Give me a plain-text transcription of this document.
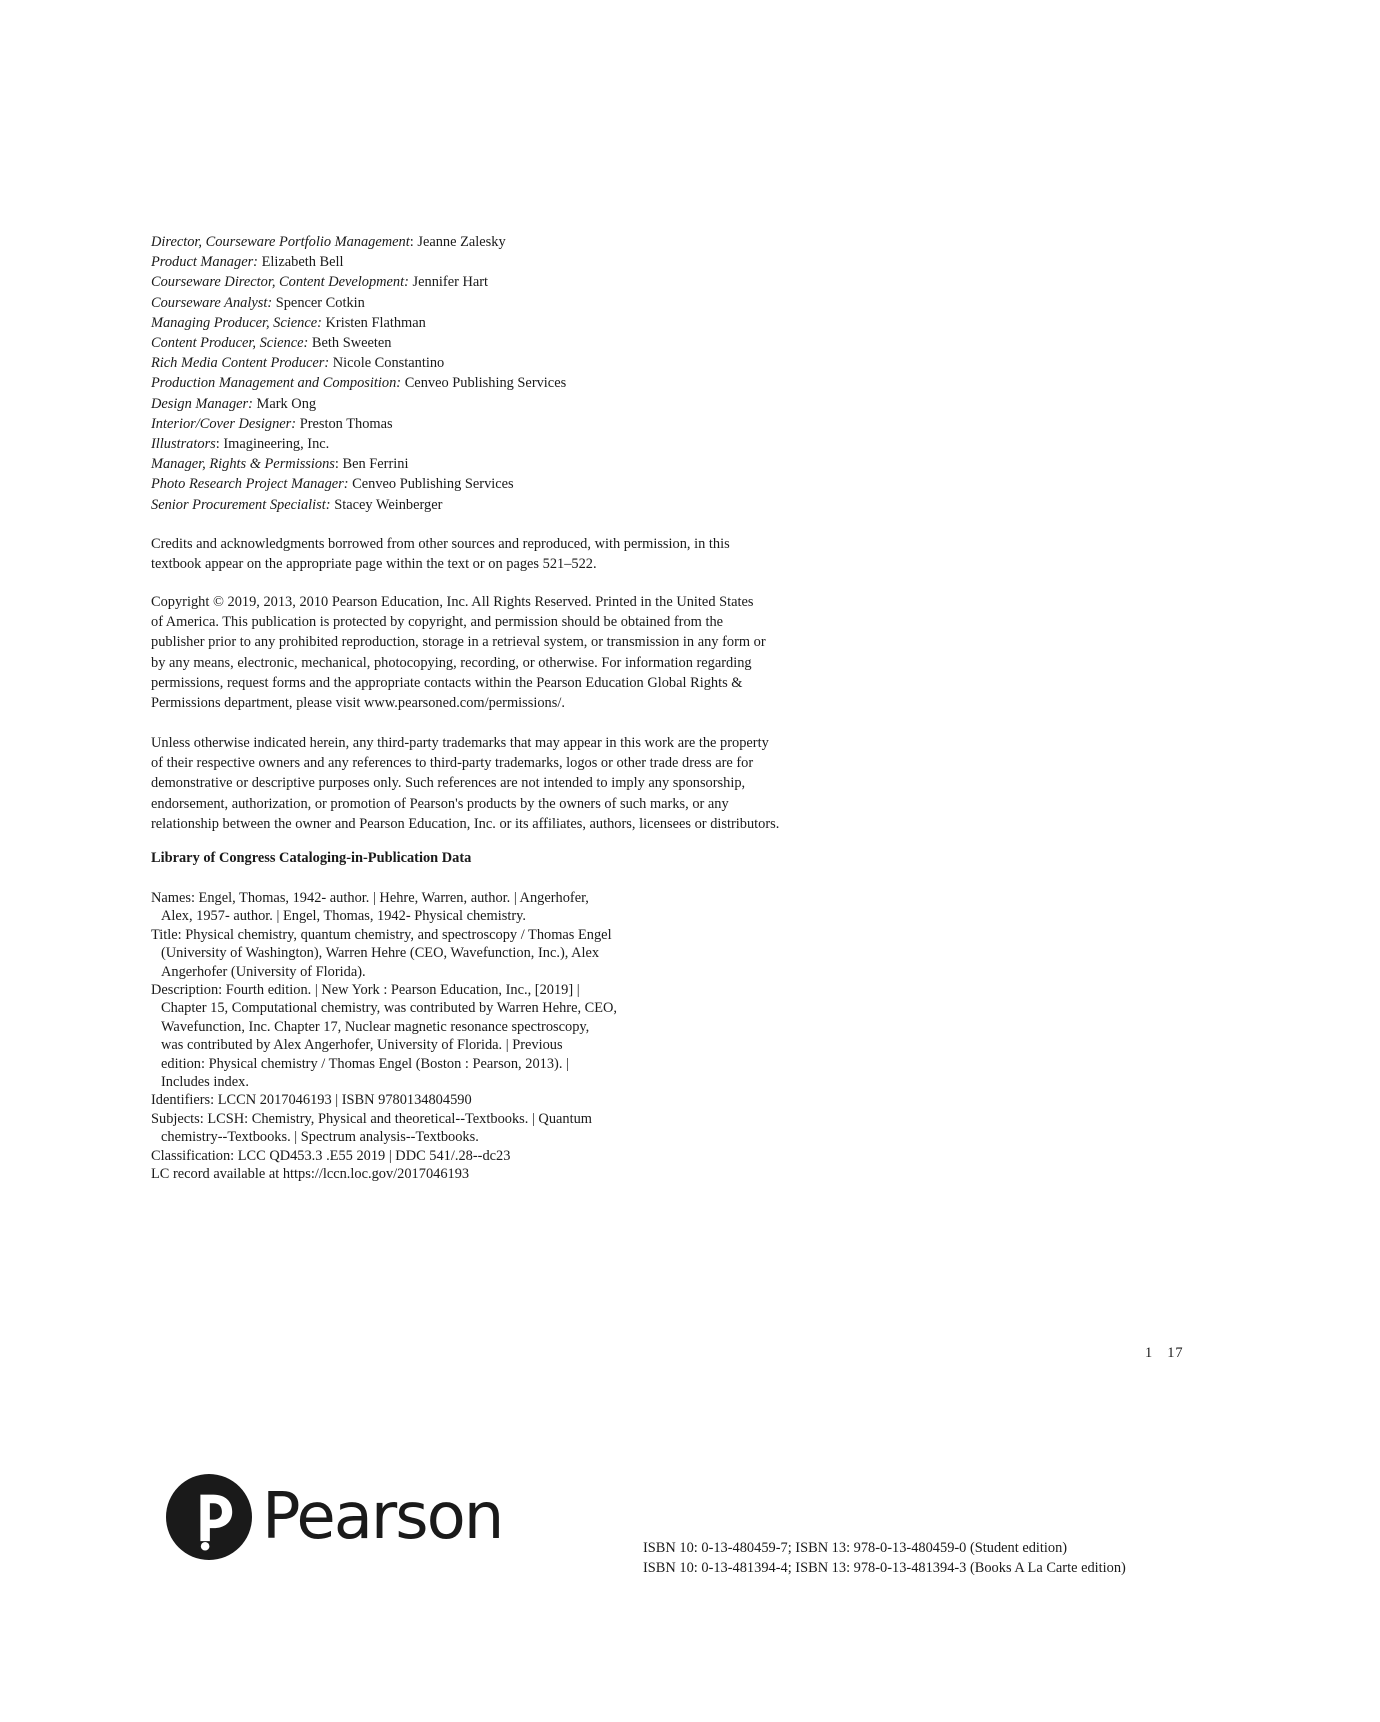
Director, Courseware Portfolio Management: Jeanne Zalesky
Product Manager: Elizabeth Bell
Courseware Director, Content Development: Jennifer Hart
Courseware Analyst: Spencer Cotkin
Managing Producer, Science: Kristen Flathman
Content Producer, Science: Beth Sweeten
Rich Media Content Producer: Nicole Constantino
Production Management and Composition: Cenveo Publishing Services
Design Manager: Mark Ong
Interior/Cover Designer: Preston Thomas
Illustrators: Imagineering, Inc.
Manager, Rights & Permissions: Ben Ferrini
Photo Research Project Manager: Cenveo Publishing Services
Senior Procurement Specialist: Stacey Weinberger
Credits and acknowledgments borrowed from other sources and reproduced, with permission, in this
textbook appear on the appropriate page within the text or on pages 521–522.
Copyright © 2019, 2013, 2010 Pearson Education, Inc. All Rights Reserved. Printed in the United States
of America. This publication is protected by copyright, and permission should be obtained from the
publisher prior to any prohibited reproduction, storage in a retrieval system, or transmission in any form or
by any means, electronic, mechanical, photocopying, recording, or otherwise. For information regarding
permissions, request forms and the appropriate contacts within the Pearson Education Global Rights &
Permissions department, please visit www.pearsoned.com/permissions/.
Unless otherwise indicated herein, any third-party trademarks that may appear in this work are the property
of their respective owners and any references to third-party trademarks, logos or other trade dress are for
demonstrative or descriptive purposes only. Such references are not intended to imply any sponsorship,
endorsement, authorization, or promotion of Pearson's products by the owners of such marks, or any
relationship between the owner and Pearson Education, Inc. or its affiliates, authors, licensees or distributors.
Library of Congress Cataloging-in-Publication Data
Names: Engel, Thomas, 1942- author. | Hehre, Warren, author. | Angerhofer,
Alex, 1957- author. | Engel, Thomas, 1942- Physical chemistry.
Title: Physical chemistry, quantum chemistry, and spectroscopy / Thomas Engel
(University of Washington), Warren Hehre (CEO, Wavefunction, Inc.), Alex
Angerhofer (University of Florida).
Description: Fourth edition. | New York : Pearson Education, Inc., [2019] |
Chapter 15, Computational chemistry, was contributed by Warren Hehre, CEO,
Wavefunction, Inc. Chapter 17, Nuclear magnetic resonance spectroscopy,
was contributed by Alex Angerhofer, University of Florida. | Previous
edition: Physical chemistry / Thomas Engel (Boston : Pearson, 2013). |
Includes index.
Identifiers: LCCN 2017046193 | ISBN 9780134804590
Subjects: LCSH: Chemistry, Physical and theoretical--Textbooks. | Quantum
chemistry--Textbooks. | Spectrum analysis--Textbooks.
Classification: LCC QD453.3 .E55 2019 | DDC 541/.28--dc23
LC record available at https://lccn.loc.gov/2017046193
1 17
Pearson	ISBN 10: 0-13-480459-7; ISBN 13: 978-0-13-480459-0 (Student edition)
ISBN 10: 0-13-481394-4; ISBN 13: 978-0-13-481394-3 (Books A La Carte edition)
